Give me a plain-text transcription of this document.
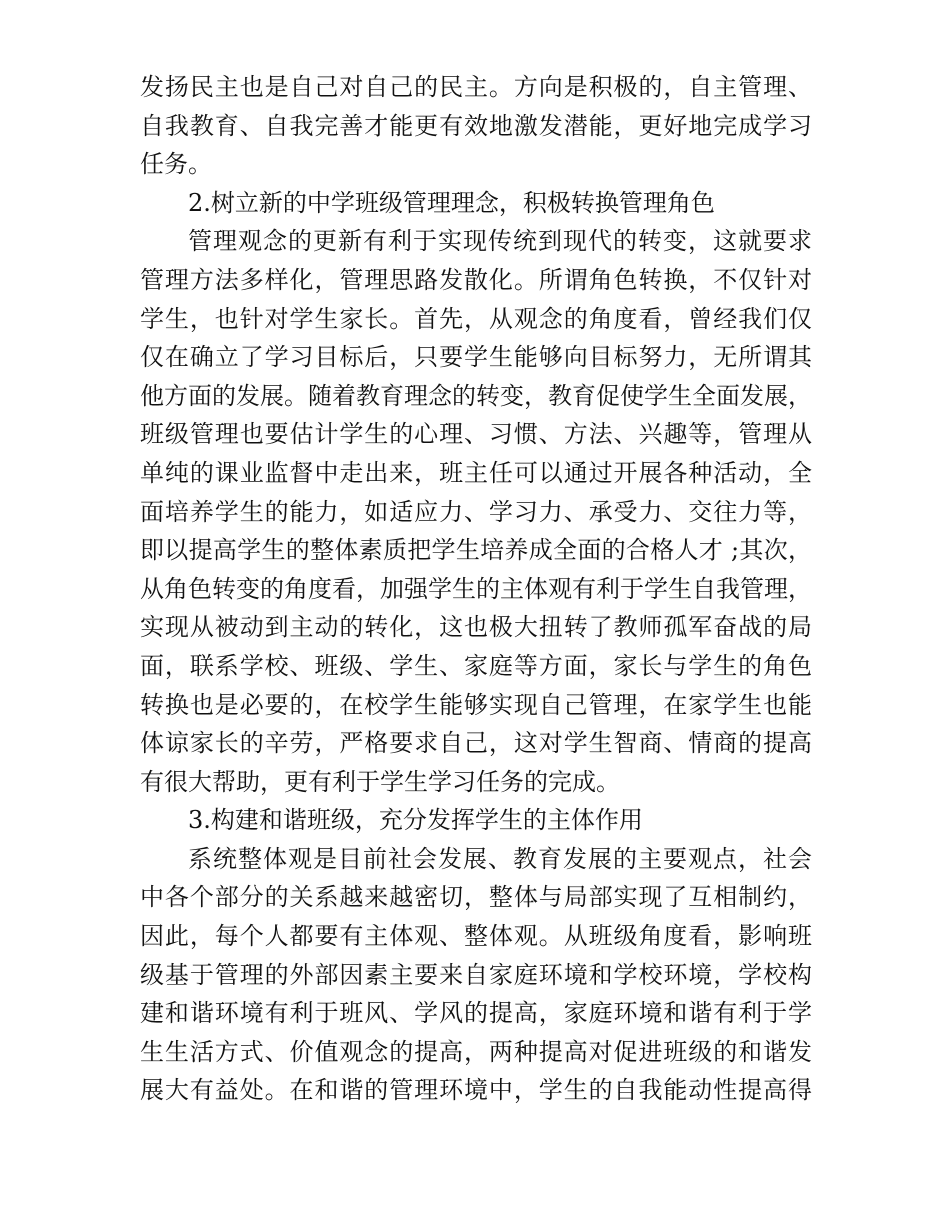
发扬民主也是自己对自己的民主。方向是积极的，自主管理、
自我教育、自我完善才能更有效地激发潜能，更好地完成学习
任务。
2.树立新的中学班级管理理念，积极转换管理角色
管理观念的更新有利于实现传统到现代的转变，这就要求
管理方法多样化，管理思路发散化。所谓角色转换，不仅针对
学生，也针对学生家长。首先，从观念的角度看，曾经我们仅
仅在确立了学习目标后，只要学生能够向目标努力，无所谓其
他方面的发展。随着教育理念的转变，教育促使学生全面发展，
班级管理也要估计学生的心理、习惯、方法、兴趣等，管理从
单纯的课业监督中走出来，班主任可以通过开展各种活动，全
面培养学生的能力，如适应力、学习力、承受力、交往力等，
即以提高学生的整体素质把学生培养成全面的合格人才 ;其次，
从角色转变的角度看，加强学生的主体观有利于学生自我管理，
实现从被动到主动的转化，这也极大扭转了教师孤军奋战的局
面，联系学校、班级、学生、家庭等方面，家长与学生的角色
转换也是必要的，在校学生能够实现自己管理，在家学生也能
体谅家长的辛劳，严格要求自己，这对学生智商、情商的提高
有很大帮助，更有利于学生学习任务的完成。
3.构建和谐班级，充分发挥学生的主体作用
系统整体观是目前社会发展、教育发展的主要观点，社会
中各个部分的关系越来越密切，整体与局部实现了互相制约，
因此，每个人都要有主体观、整体观。从班级角度看，影响班
级基于管理的外部因素主要来自家庭环境和学校环境，学校构
建和谐环境有利于班风、学风的提高，家庭环境和谐有利于学
生生活方式、价值观念的提高，两种提高对促进班级的和谐发
展大有益处。在和谐的管理环境中，学生的自我能动性提高得
